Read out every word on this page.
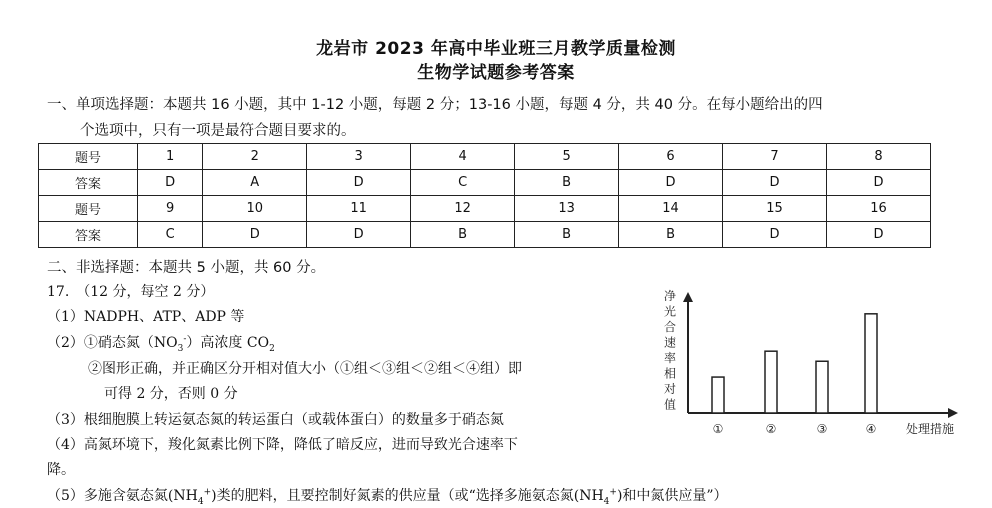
龙岩市 2023 年高中毕业班三月教学质量检测
生物学试题参考答案
一、单项选择题：本题共 16 小题，其中 1-12 小题，每题 2 分；13-16 小题，每题 4 分，共 40 分。在每小题给出的四
个选项中，只有一项是最符合题目要求的。
题号	1	2	3	4	5	6	7	8
答案	D	A	D	C	B	D	D	D
题号	9	10	11	12	13	14	15	16
答案	C	D	D	B	B	B	D	D
二、非选择题：本题共 5 小题，共 60 分。
17.　（12 分，每空 2 分）
（1）NADPH、ATP、ADP 等
（2）①硝态氮$(NO_3^-)$高浓度 $CO_2$
②图形正确，并正确区分开相对值大小（①组＜③组＜②组＜④组）即
可得 2 分，否则 0 分
（3）根细胞膜上转运氨态氮的转运蛋白（或载体蛋白）的数量多于硝态氮
（4）高氮环境下，羧化氮素比例下降，降低了暗反应，进而导致光合速率下
降。
（5）多施含氨态氮$(NH_4^+)$类的肥料，且要控制好氮素的供应量（或“选择多施氨态氮$(NH_4^+)$和中氮供应量”）
净
光
合
速
率
相
对
值
处理措施
①	②	③	④
